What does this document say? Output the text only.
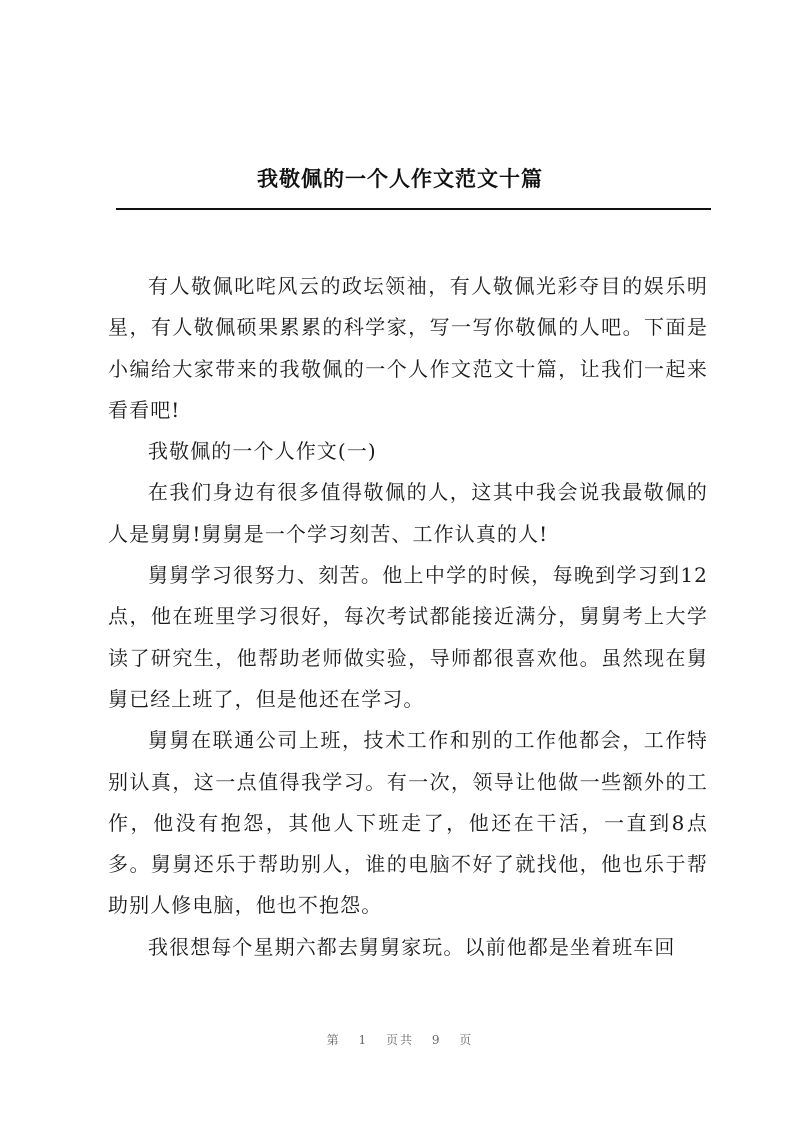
我敬佩的一个人作文范文十篇

有人敬佩叱咤风云的政坛领袖，有人敬佩光彩夺目的娱乐明星，有人敬佩硕果累累的科学家，写一写你敬佩的人吧。下面是小编给大家带来的我敬佩的一个人作文范文十篇，让我们一起来看看吧!

我敬佩的一个人作文(一)

在我们身边有很多值得敬佩的人，这其中我会说我最敬佩的人是舅舅!舅舅是一个学习刻苦、工作认真的人!

舅舅学习很努力、刻苦。他上中学的时候，每晚到学习到12点，他在班里学习很好，每次考试都能接近满分，舅舅考上大学读了研究生，他帮助老师做实验，导师都很喜欢他。虽然现在舅舅已经上班了，但是他还在学习。

舅舅在联通公司上班，技术工作和别的工作他都会，工作特别认真，这一点值得我学习。有一次，领导让他做一些额外的工作，他没有抱怨，其他人下班走了，他还在干活，一直到8点多。舅舅还乐于帮助别人，谁的电脑不好了就找他，他也乐于帮助别人修电脑，他也不抱怨。

我很想每个星期六都去舅舅家玩。以前他都是坐着班车回

第 1 页共 9 页
